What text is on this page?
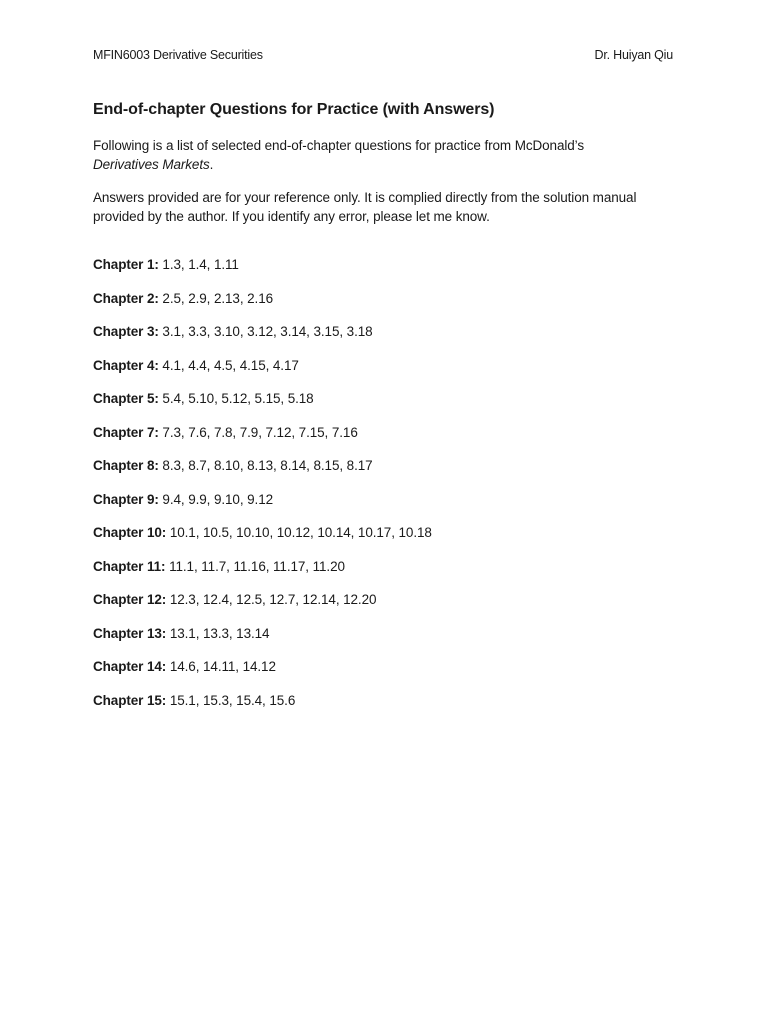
MFIN6003 Derivative Securities	Dr. Huiyan Qiu
End-of-chapter Questions for Practice (with Answers)
Following is a list of selected end-of-chapter questions for practice from McDonald’s
Derivatives Markets.
Answers provided are for your reference only. It is complied directly from the solution manual provided by the author. If you identify any error, please let me know.
Chapter 1: 1.3, 1.4, 1.11
Chapter 2: 2.5, 2.9, 2.13, 2.16
Chapter 3: 3.1, 3.3, 3.10, 3.12, 3.14, 3.15, 3.18
Chapter 4: 4.1, 4.4, 4.5, 4.15, 4.17
Chapter 5: 5.4, 5.10, 5.12, 5.15, 5.18
Chapter 7: 7.3, 7.6, 7.8, 7.9, 7.12, 7.15, 7.16
Chapter 8: 8.3, 8.7, 8.10, 8.13, 8.14, 8.15, 8.17
Chapter 9: 9.4, 9.9, 9.10, 9.12
Chapter 10: 10.1, 10.5, 10.10, 10.12, 10.14, 10.17, 10.18
Chapter 11: 11.1, 11.7, 11.16, 11.17, 11.20
Chapter 12: 12.3, 12.4, 12.5, 12.7, 12.14, 12.20
Chapter 13: 13.1, 13.3, 13.14
Chapter 14: 14.6, 14.11, 14.12
Chapter 15: 15.1, 15.3, 15.4, 15.6
